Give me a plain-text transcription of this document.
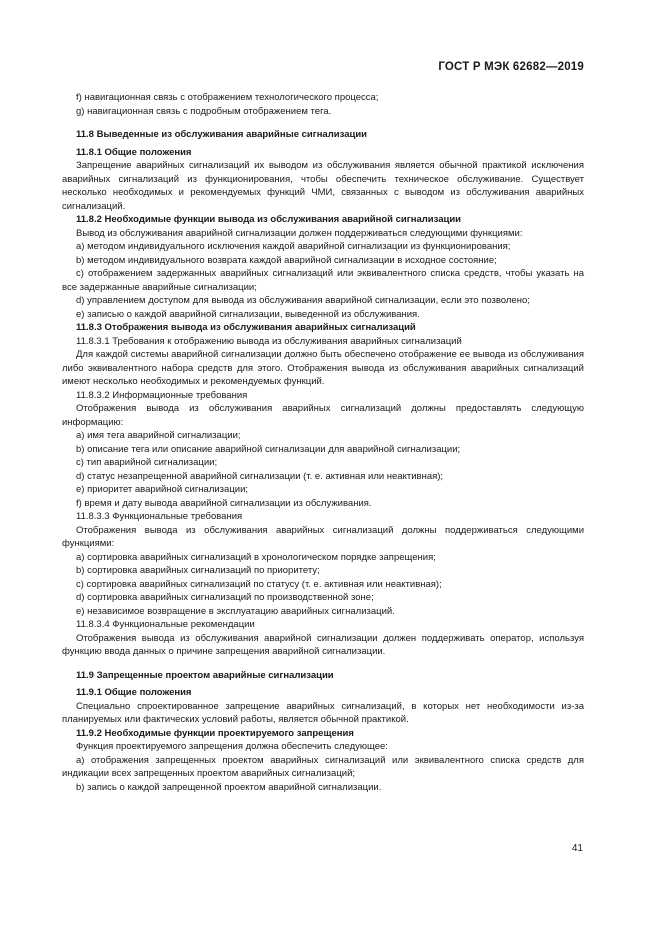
ГОСТ Р МЭК 62682—2019

f) навигационная связь с отображением технологического процесса;

g) навигационная связь с подробным отображением тега.

11.8 Выведенные из обслуживания аварийные сигнализации

11.8.1 Общие положения

Запрещение аварийных сигнализаций их выводом из обслуживания является обычной практикой исключения аварийных сигнализаций из функционирования, чтобы обеспечить техническое обслуживание. Существует несколько необходимых и рекомендуемых функций ЧМИ, связанных с выводом из обслуживания аварийных сигнализаций.

11.8.2 Необходимые функции вывода из обслуживания аварийной сигнализации

Вывод из обслуживания аварийной сигнализации должен поддерживаться следующими функциями:

a) методом индивидуального исключения каждой аварийной сигнализации из функционирования;

b) методом индивидуального возврата каждой аварийной сигнализации в исходное состояние;

c) отображением задержанных аварийных сигнализаций или эквивалентного списка средств, чтобы указать на все задержанные аварийные сигнализации;

d) управлением доступом для вывода из обслуживания аварийной сигнализации, если это позволено;

e) записью о каждой аварийной сигнализации, выведенной из обслуживания.

11.8.3 Отображения вывода из обслуживания аварийных сигнализаций

11.8.3.1 Требования к отображению вывода из обслуживания аварийных сигнализаций

Для каждой системы аварийной сигнализации должно быть обеспечено отображение ее вывода из обслуживания либо эквивалентного набора средств для этого. Отображения вывода из обслуживания аварийных сигнализаций имеют несколько необходимых и рекомендуемых функций.

11.8.3.2 Информационные требования

Отображения вывода из обслуживания аварийных сигнализаций должны предоставлять следующую информацию:

a) имя тега аварийной сигнализации;

b) описание тега или описание аварийной сигнализации для аварийной сигнализации;

c) тип аварийной сигнализации;

d) статус незапрещенной аварийной сигнализации (т. е. активная или неактивная);

e) приоритет аварийной сигнализации;

f) время и дату вывода аварийной сигнализации из обслуживания.

11.8.3.3 Функциональные требования

Отображения вывода из обслуживания аварийных сигнализаций должны поддерживаться следующими функциями:

a) сортировка аварийных сигнализаций в хронологическом порядке запрещения;

b) сортировка аварийных сигнализаций по приоритету;

c) сортировка аварийных сигнализаций по статусу (т. е. активная или неактивная);

d) сортировка аварийных сигнализаций по производственной зоне;

e) независимое возвращение в эксплуатацию аварийных сигнализаций.

11.8.3.4 Функциональные рекомендации

Отображения вывода из обслуживания аварийной сигнализации должен поддерживать оператор, используя функцию ввода данных о причине запрещения аварийной сигнализации.

11.9 Запрещенные проектом аварийные сигнализации

11.9.1 Общие положения

Специально спроектированное запрещение аварийных сигнализаций, в которых нет необходимости из-за планируемых или фактических условий работы, является обычной практикой.

11.9.2 Необходимые функции проектируемого запрещения

Функция проектируемого запрещения должна обеспечить следующее:

a) отображения запрещенных проектом аварийных сигнализаций или эквивалентного списка средств для индикации всех запрещенных проектом аварийных сигнализаций;

b) запись о каждой запрещенной проектом аварийной сигнализации.

41
